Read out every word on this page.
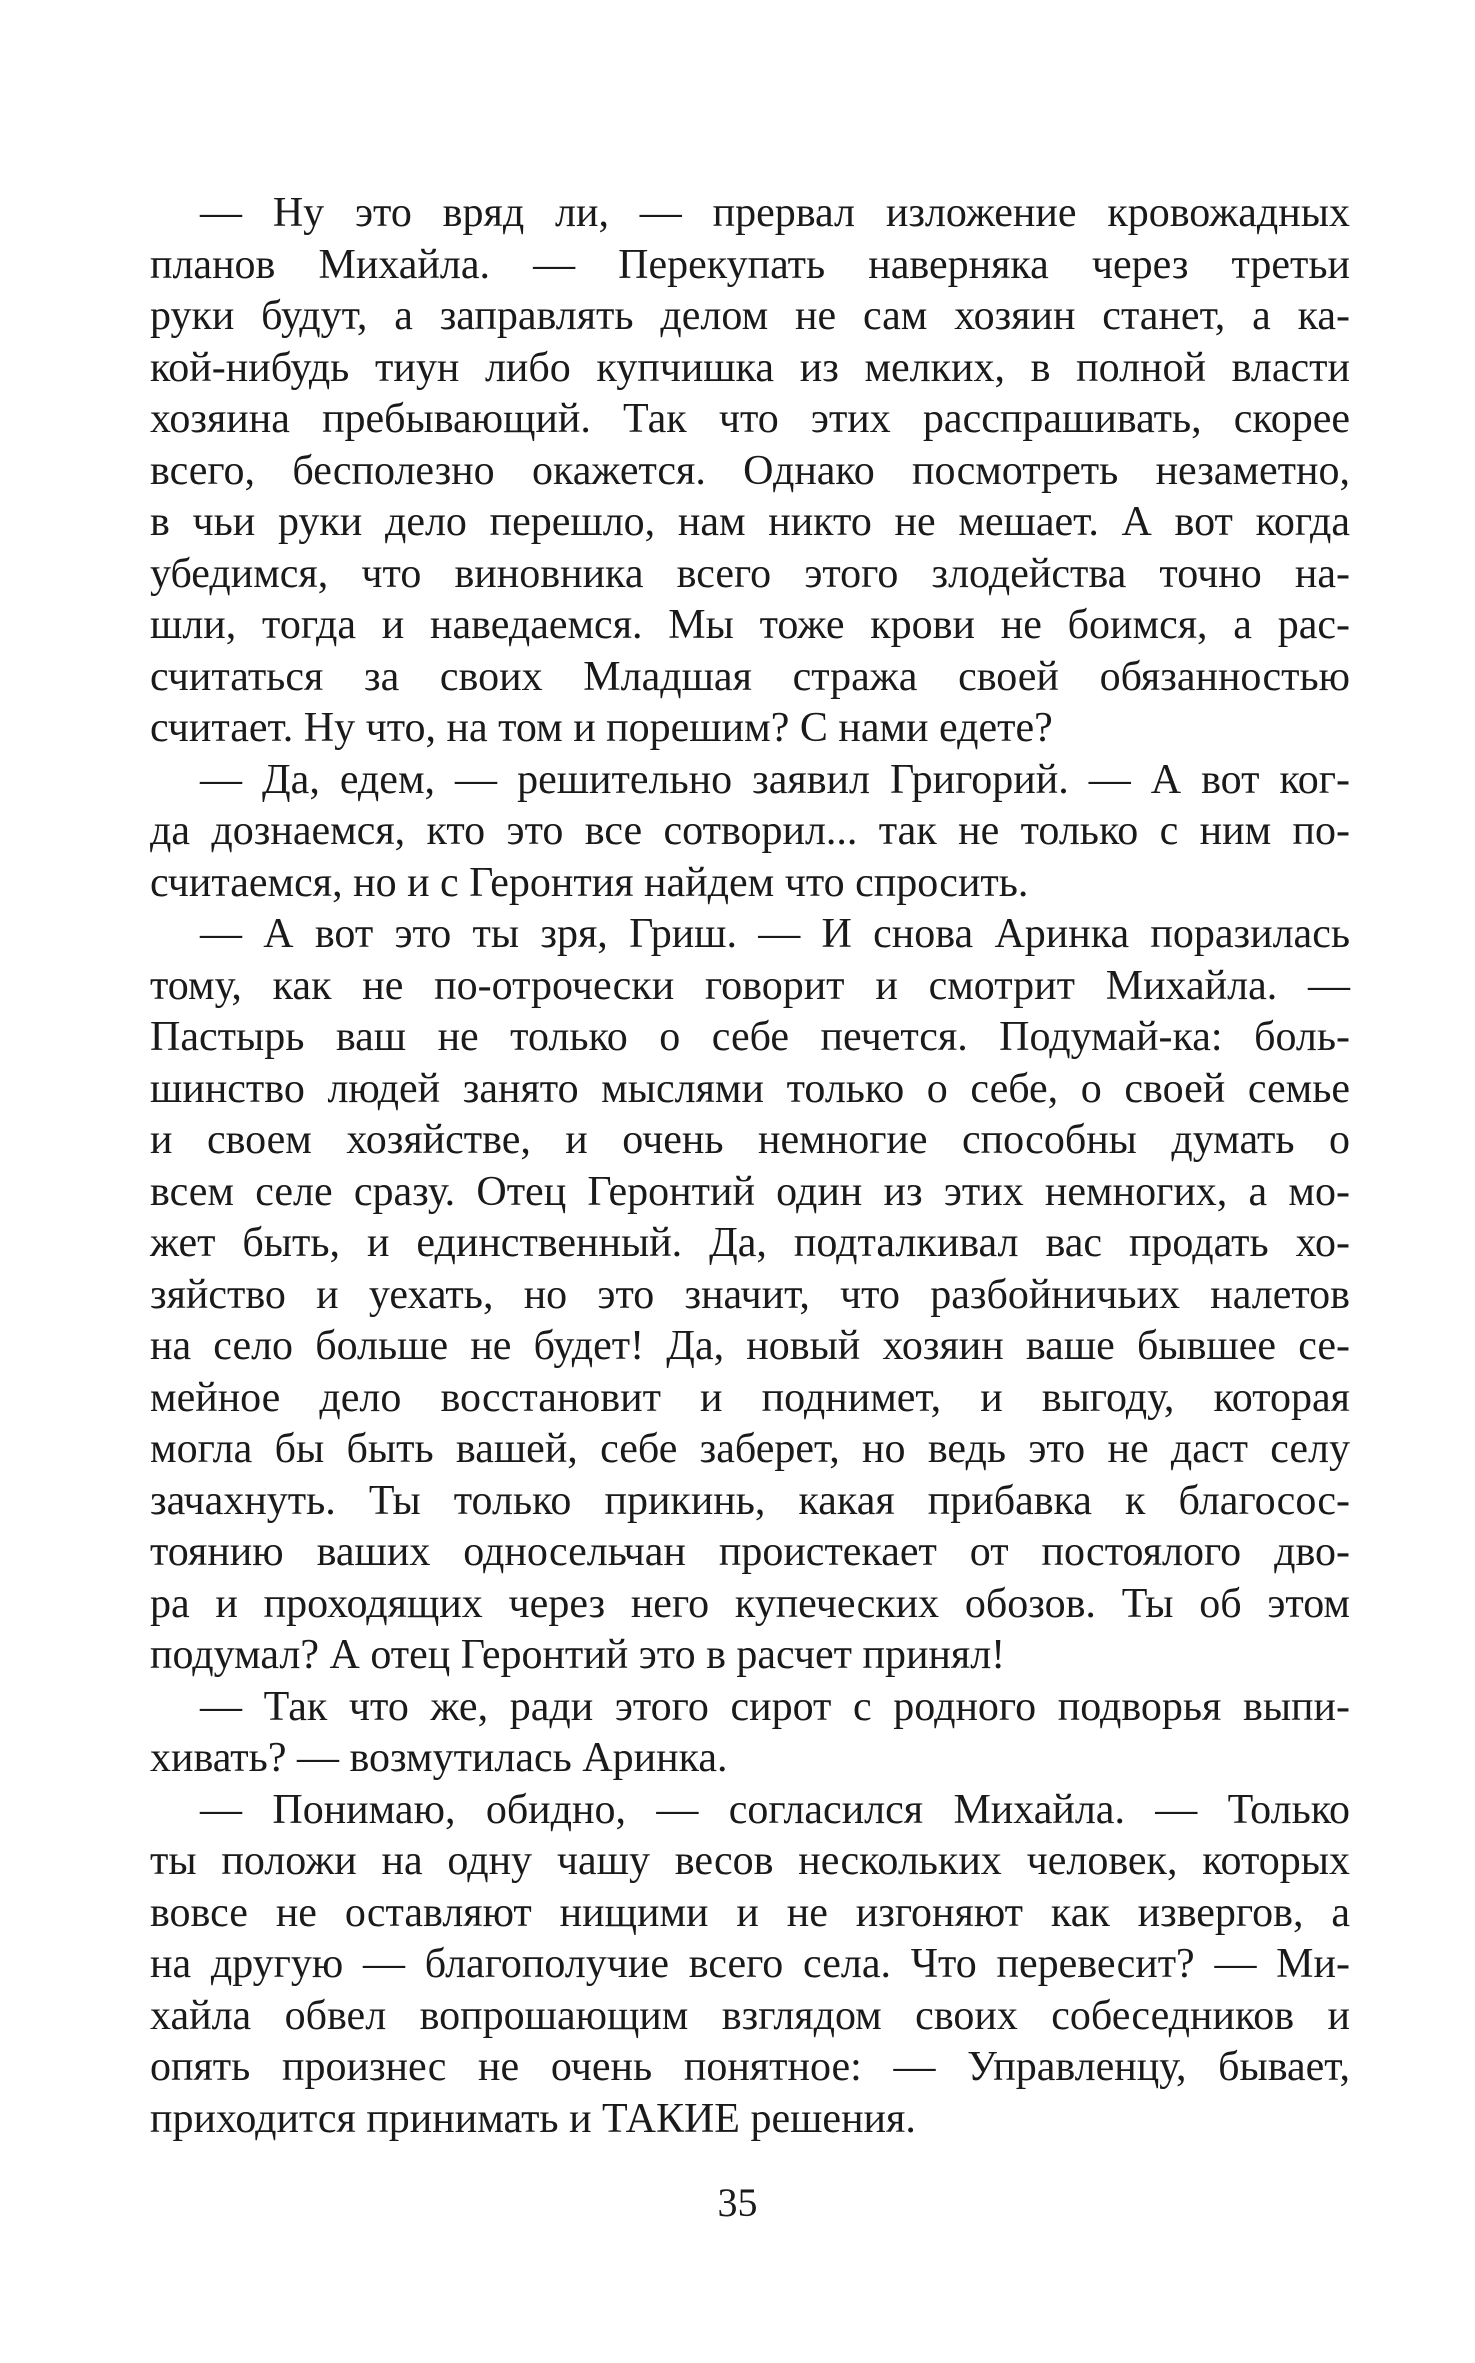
— Ну это вряд ли, — прервал изложение кровожадных
планов Михайла. — Перекупать наверняка через третьи
руки будут, а заправлять делом не сам хозяин станет, а ка-
кой-нибудь тиун либо купчишка из мелких, в полной власти
хозяина пребывающий. Так что этих расспрашивать, скорее
всего, бесполезно окажется. Однако посмотреть незаметно,
в чьи руки дело перешло, нам никто не мешает. А вот когда
убедимся, что виновника всего этого злодейства точно на-
шли, тогда и наведаемся. Мы тоже крови не боимся, а рас-
считаться за своих Младшая стража своей обязанностью
считает. Ну что, на том и порешим? С нами едете?
— Да, едем, — решительно заявил Григорий. — А вот ког-
да дознаемся, кто это все сотворил... так не только с ним по-
считаемся, но и с Геронтия найдем что спросить.
— А вот это ты зря, Гриш. — И снова Аринка поразилась
тому, как не по-отрочески говорит и смотрит Михайла. —
Пастырь ваш не только о себе печется. Подумай-ка: боль-
шинство людей занято мыслями только о себе, о своей семье
и своем хозяйстве, и очень немногие способны думать о
всем селе сразу. Отец Геронтий один из этих немногих, а мо-
жет быть, и единственный. Да, подталкивал вас продать хо-
зяйство и уехать, но это значит, что разбойничьих налетов
на село больше не будет! Да, новый хозяин ваше бывшее се-
мейное дело восстановит и поднимет, и выгоду, которая
могла бы быть вашей, себе заберет, но ведь это не даст селу
зачахнуть. Ты только прикинь, какая прибавка к благосос-
тоянию ваших односельчан проистекает от постоялого дво-
ра и проходящих через него купеческих обозов. Ты об этом
подумал? А отец Геронтий это в расчет принял!
— Так что же, ради этого сирот с родного подворья выпи-
хивать? — возмутилась Аринка.
— Понимаю, обидно, — согласился Михайла. — Только
ты положи на одну чашу весов нескольких человек, которых
вовсе не оставляют нищими и не изгоняют как извергов, а
на другую — благополучие всего села. Что перевесит? — Ми-
хайла обвел вопрошающим взглядом своих собеседников и
опять произнес не очень понятное: — Управленцу, бывает,
приходится принимать и ТАКИЕ решения.
35
